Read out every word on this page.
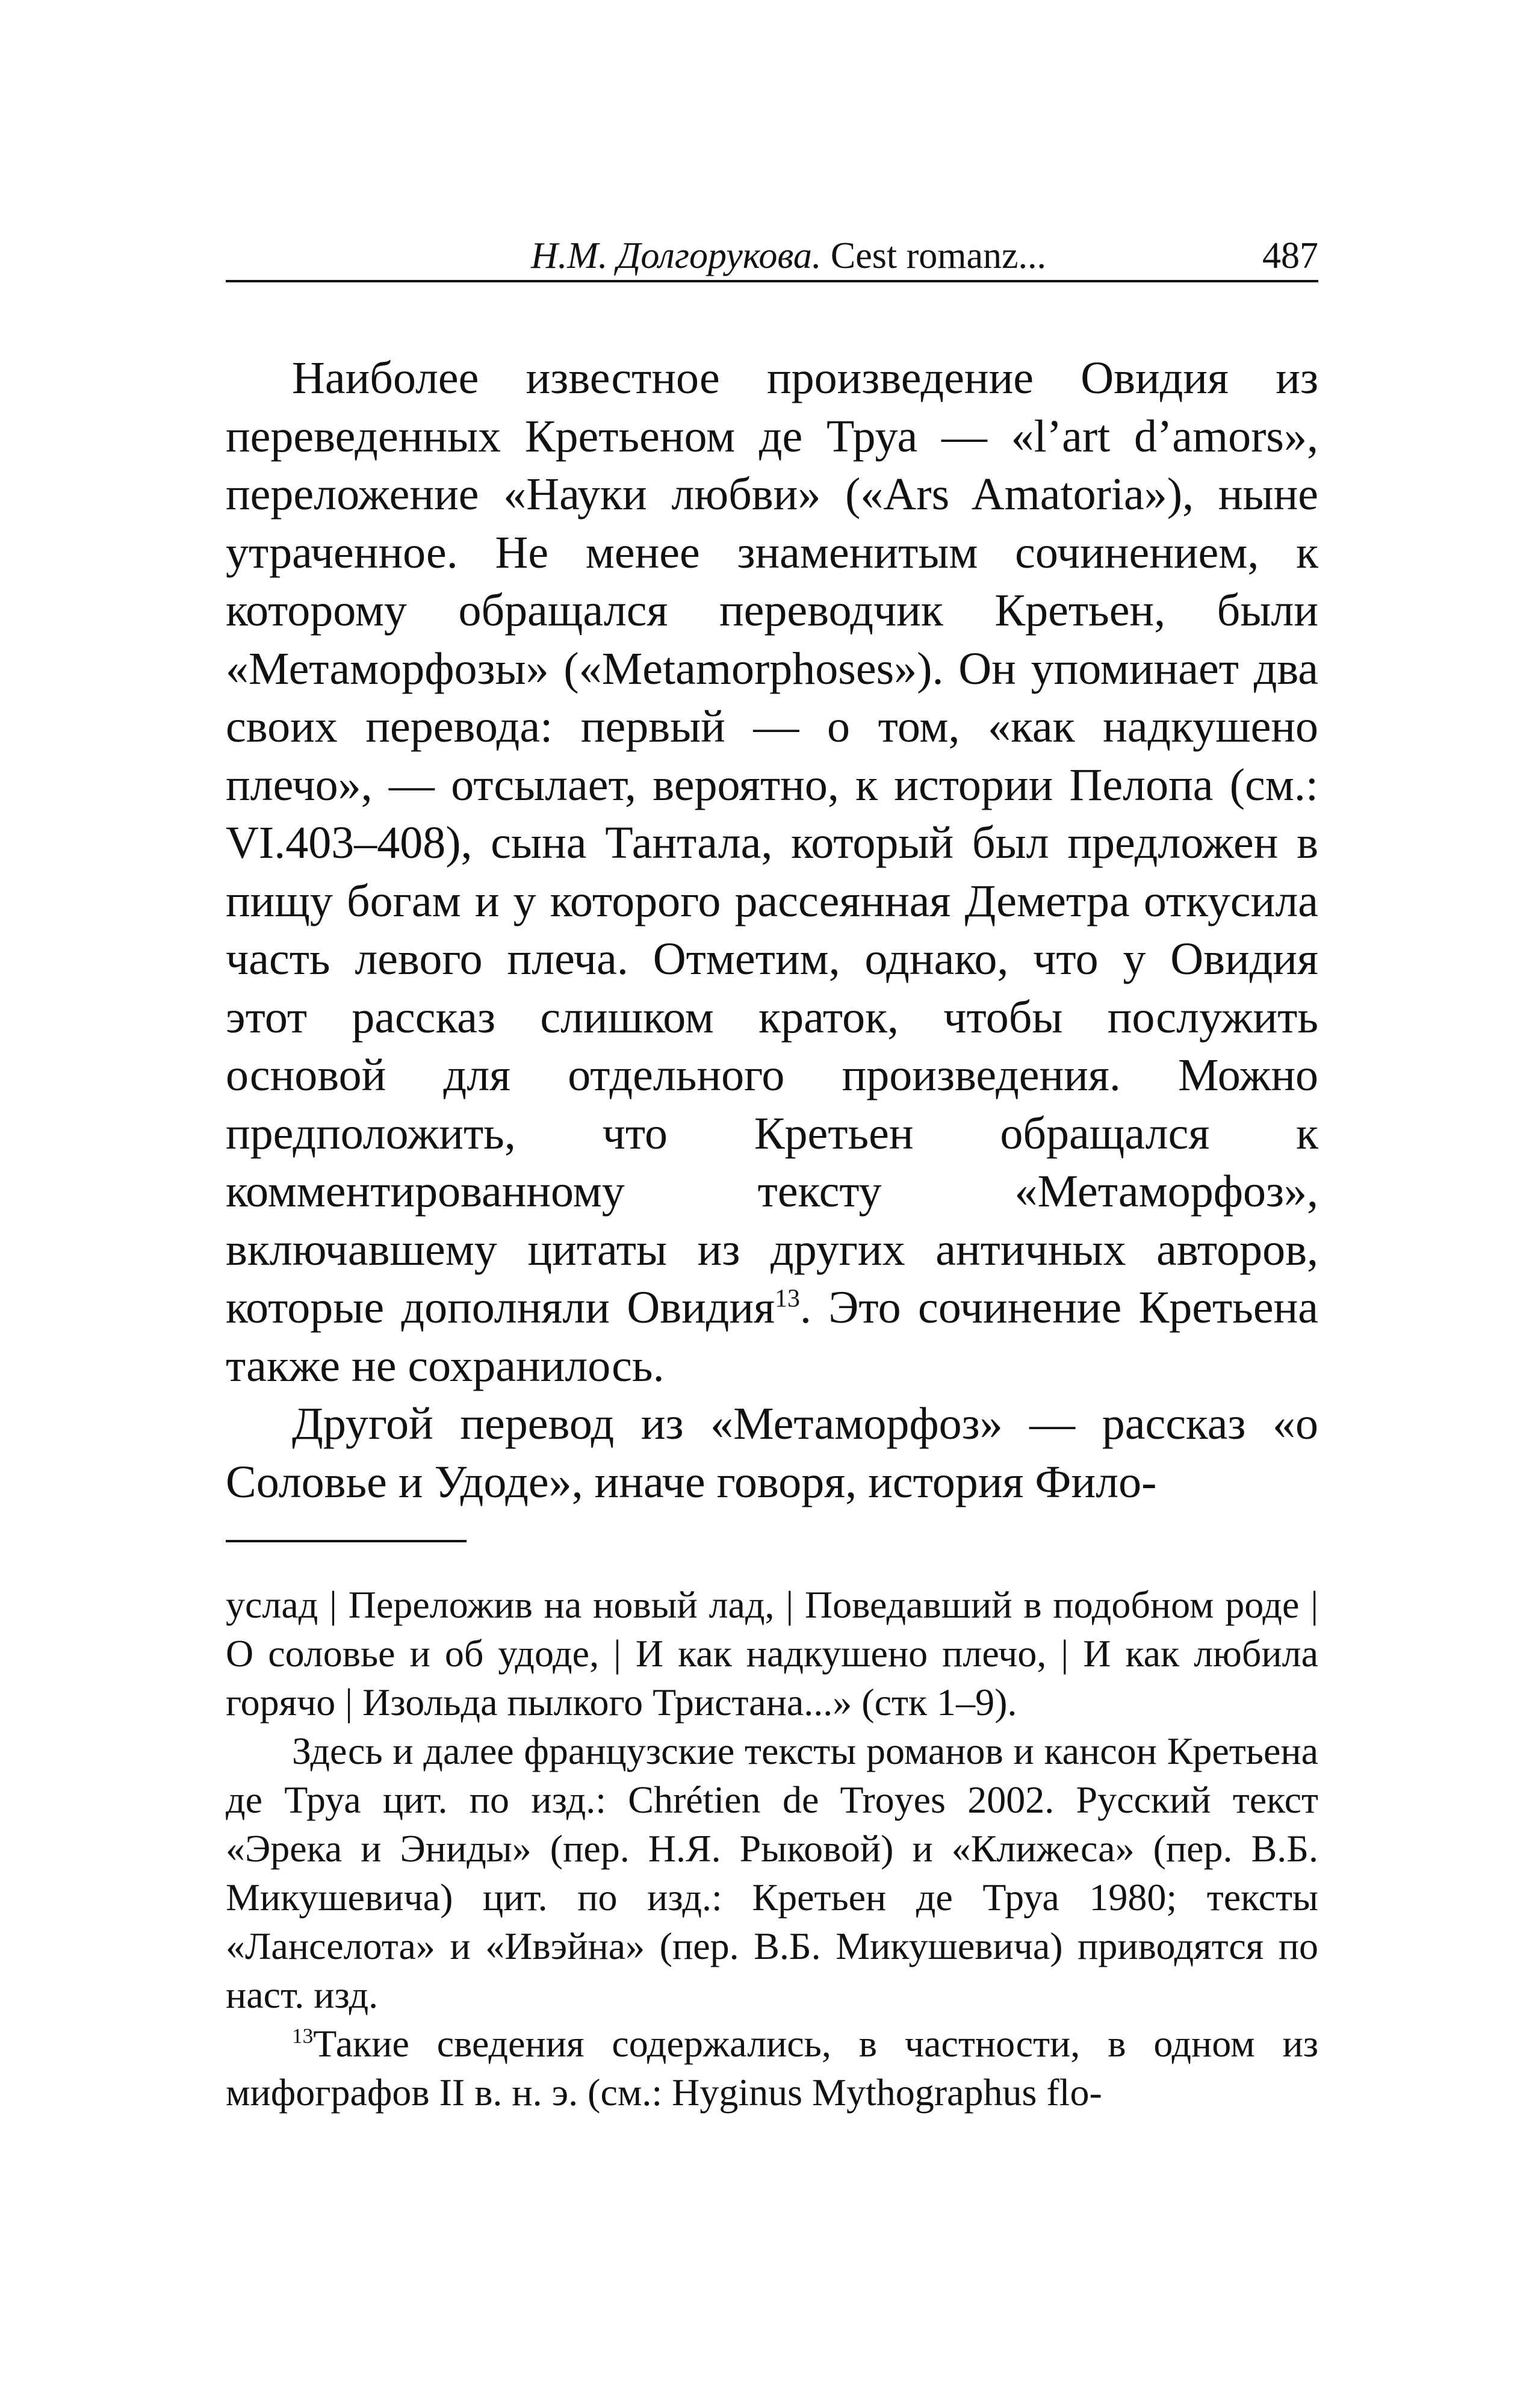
Н.М. Долгорукова. Cest romanz...	487

Наиболее известное произведение Овидия из переведенных Кретьеном де Труа — «l’art d’amors», переложение «Науки любви» («Ars Amatoria»), ныне утраченное. Не менее знаменитым сочинением, к которому обращался переводчик Кретьен, были «Метаморфозы» («Metamorphoses»). Он упоминает два своих перевода: первый — о том, «как надкушено плечо», — отсылает, вероятно, к истории Пелопа (см.: VI.403–408), сына Тантала, который был предложен в пищу богам и у которого рассеянная Деметра откусила часть левого плеча. Отметим, однако, что у Овидия этот рассказ слишком краток, чтобы послужить основой для отдельного произведения. Можно предположить, что Кретьен обращался к комментированному тексту «Метаморфоз», включавшему цитаты из других античных авторов, которые дополняли Овидия$^{13}$. Это сочинение Кретьена также не сохранилось.

Другой перевод из «Метаморфоз» — рассказ «о Соловье и Удоде», иначе говоря, история Фило-

услад | Переложив на новый лад, | Поведавший в подобном роде | О соловье и об удоде, | И как надкушено плечо, | И как любила горячо | Изольда пылкого Тристана...» (стк 1–9).

Здесь и далее французские тексты романов и кансон Кретьена де Труа цит. по изд.: Chrétien de Troyes 2002. Русский текст «Эрека и Эниды» (пер. Н.Я. Рыковой) и «Клижеса» (пер. В.Б. Микушевича) цит. по изд.: Кретьен де Труа 1980; тексты «Ланселота» и «Ивэйна» (пер. В.Б. Микушевича) приводятся по наст. изд.

$^{13}$Такие сведения содержались, в частности, в одном из мифографов II в. н. э. (см.: Hyginus Mythographus flo-
